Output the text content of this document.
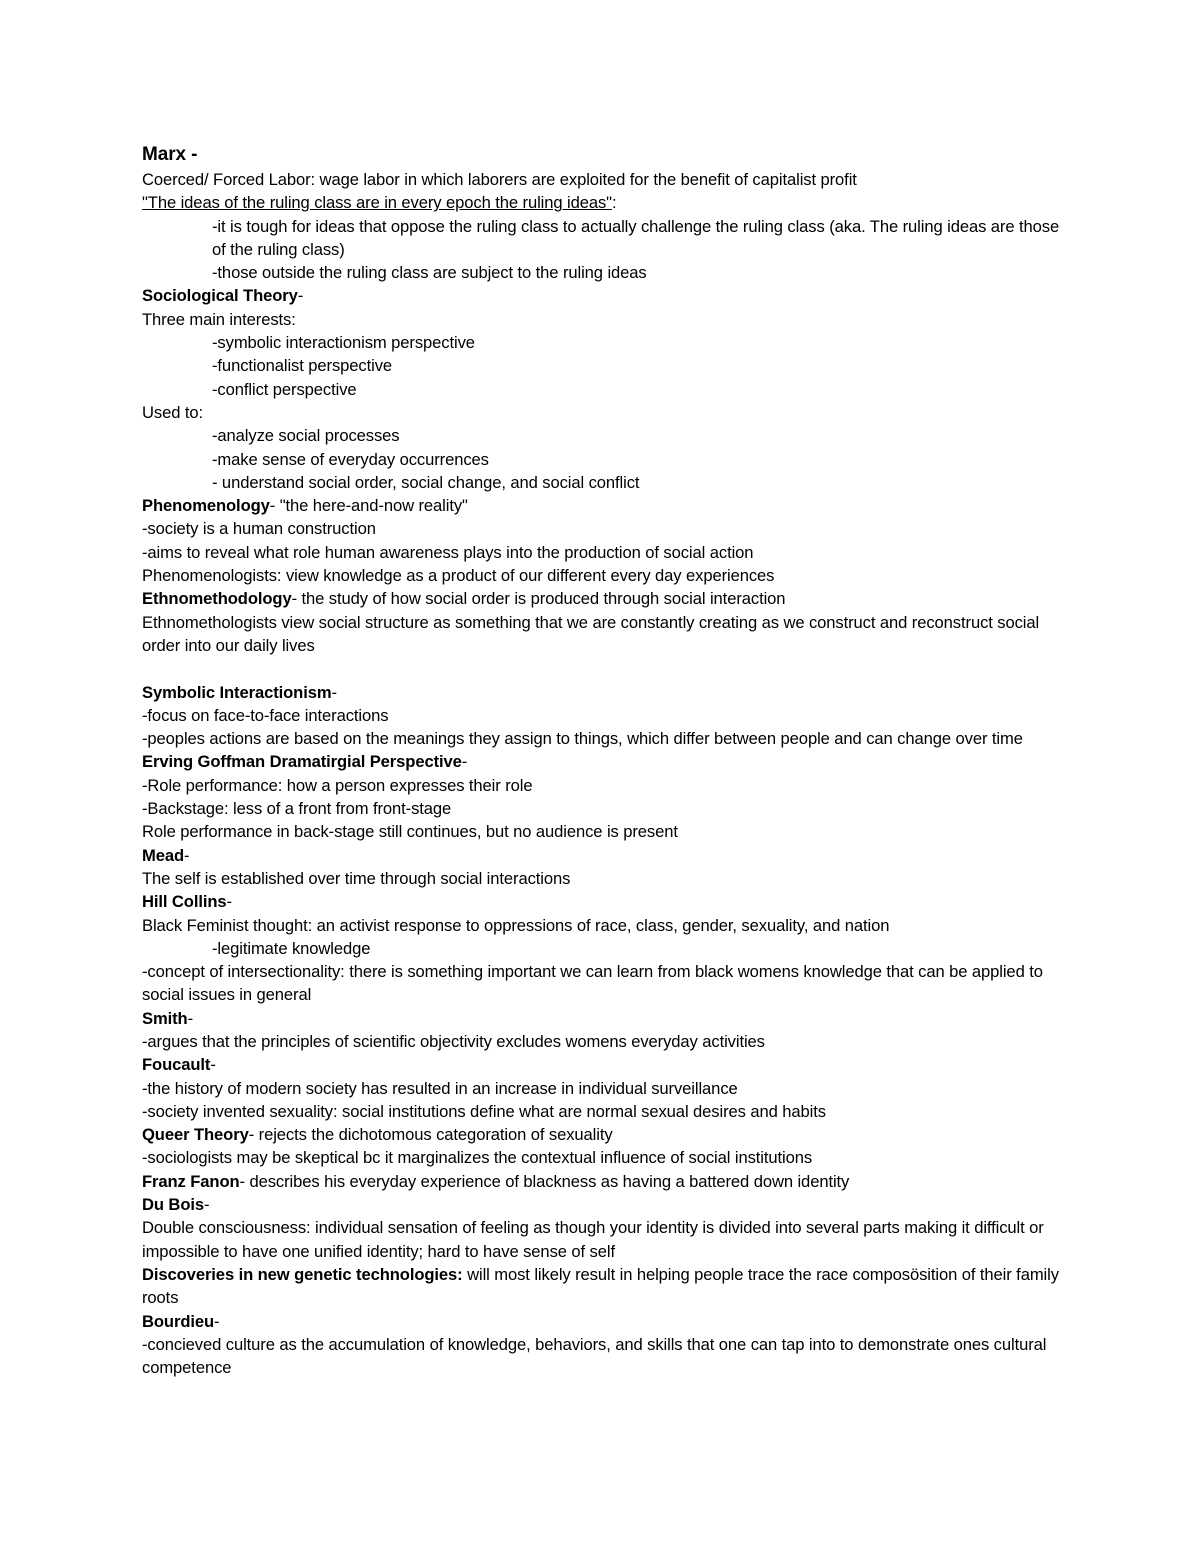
Marx -
Coerced/ Forced Labor: wage labor in which laborers are exploited for the benefit of capitalist profit
"The ideas of the ruling class are in every epoch the ruling ideas":
-it is tough for ideas that oppose the ruling class to actually challenge the ruling class (aka. The ruling ideas are those of the ruling class)
-those outside the ruling class are subject to the ruling ideas
Sociological Theory-
Three main interests:
-symbolic interactionism perspective
-functionalist perspective
-conflict perspective
Used to:
-analyze social processes
-make sense of everyday occurrences
- understand social order, social change, and social conflict
Phenomenology- "the here-and-now reality"
-society is a human construction
-aims to reveal what role human awareness plays into the production of social action
Phenomenologists: view knowledge as a product of our different every day experiences
Ethnomethodology- the study of how social order is produced through social interaction
Ethnomethologists view social structure as something that we are constantly creating as we construct and reconstruct social order into our daily lives
Symbolic Interactionism-
-focus on face-to-face interactions
-peoples actions are based on the meanings they assign to things, which differ between people and can change over time
Erving Goffman Dramatirgial Perspective-
-Role performance: how a person expresses their role
-Backstage: less of a front from front-stage
Role performance in back-stage still continues, but no audience is present
Mead-
The self is established over time through social interactions
Hill Collins-
Black Feminist thought: an activist response to oppressions of race, class, gender, sexuality, and nation
-legitimate knowledge
-concept of intersectionality: there is something important we can learn from black womens knowledge that can be applied to social issues in general
Smith-
-argues that the principles of scientific objectivity excludes womens everyday activities
Foucault-
-the history of modern society has resulted in an increase in individual surveillance
-society invented sexuality: social institutions define what are normal sexual desires and habits
Queer Theory- rejects the dichotomous categoration of sexuality
-sociologists may be skeptical bc it marginalizes the contextual influence of social institutions
Franz Fanon- describes his everyday experience of blackness as having a battered down identity
Du Bois-
Double consciousness: individual sensation of feeling as though your identity is divided into several parts making it difficult or impossible to have one unified identity; hard to have sense of self
Discoveries in new genetic technologies: will most likely result in helping people trace the race composösition of their family roots
Bourdieu-
-concieved culture as the accumulation of knowledge, behaviors, and skills that one can tap into to demonstrate ones cultural competence
